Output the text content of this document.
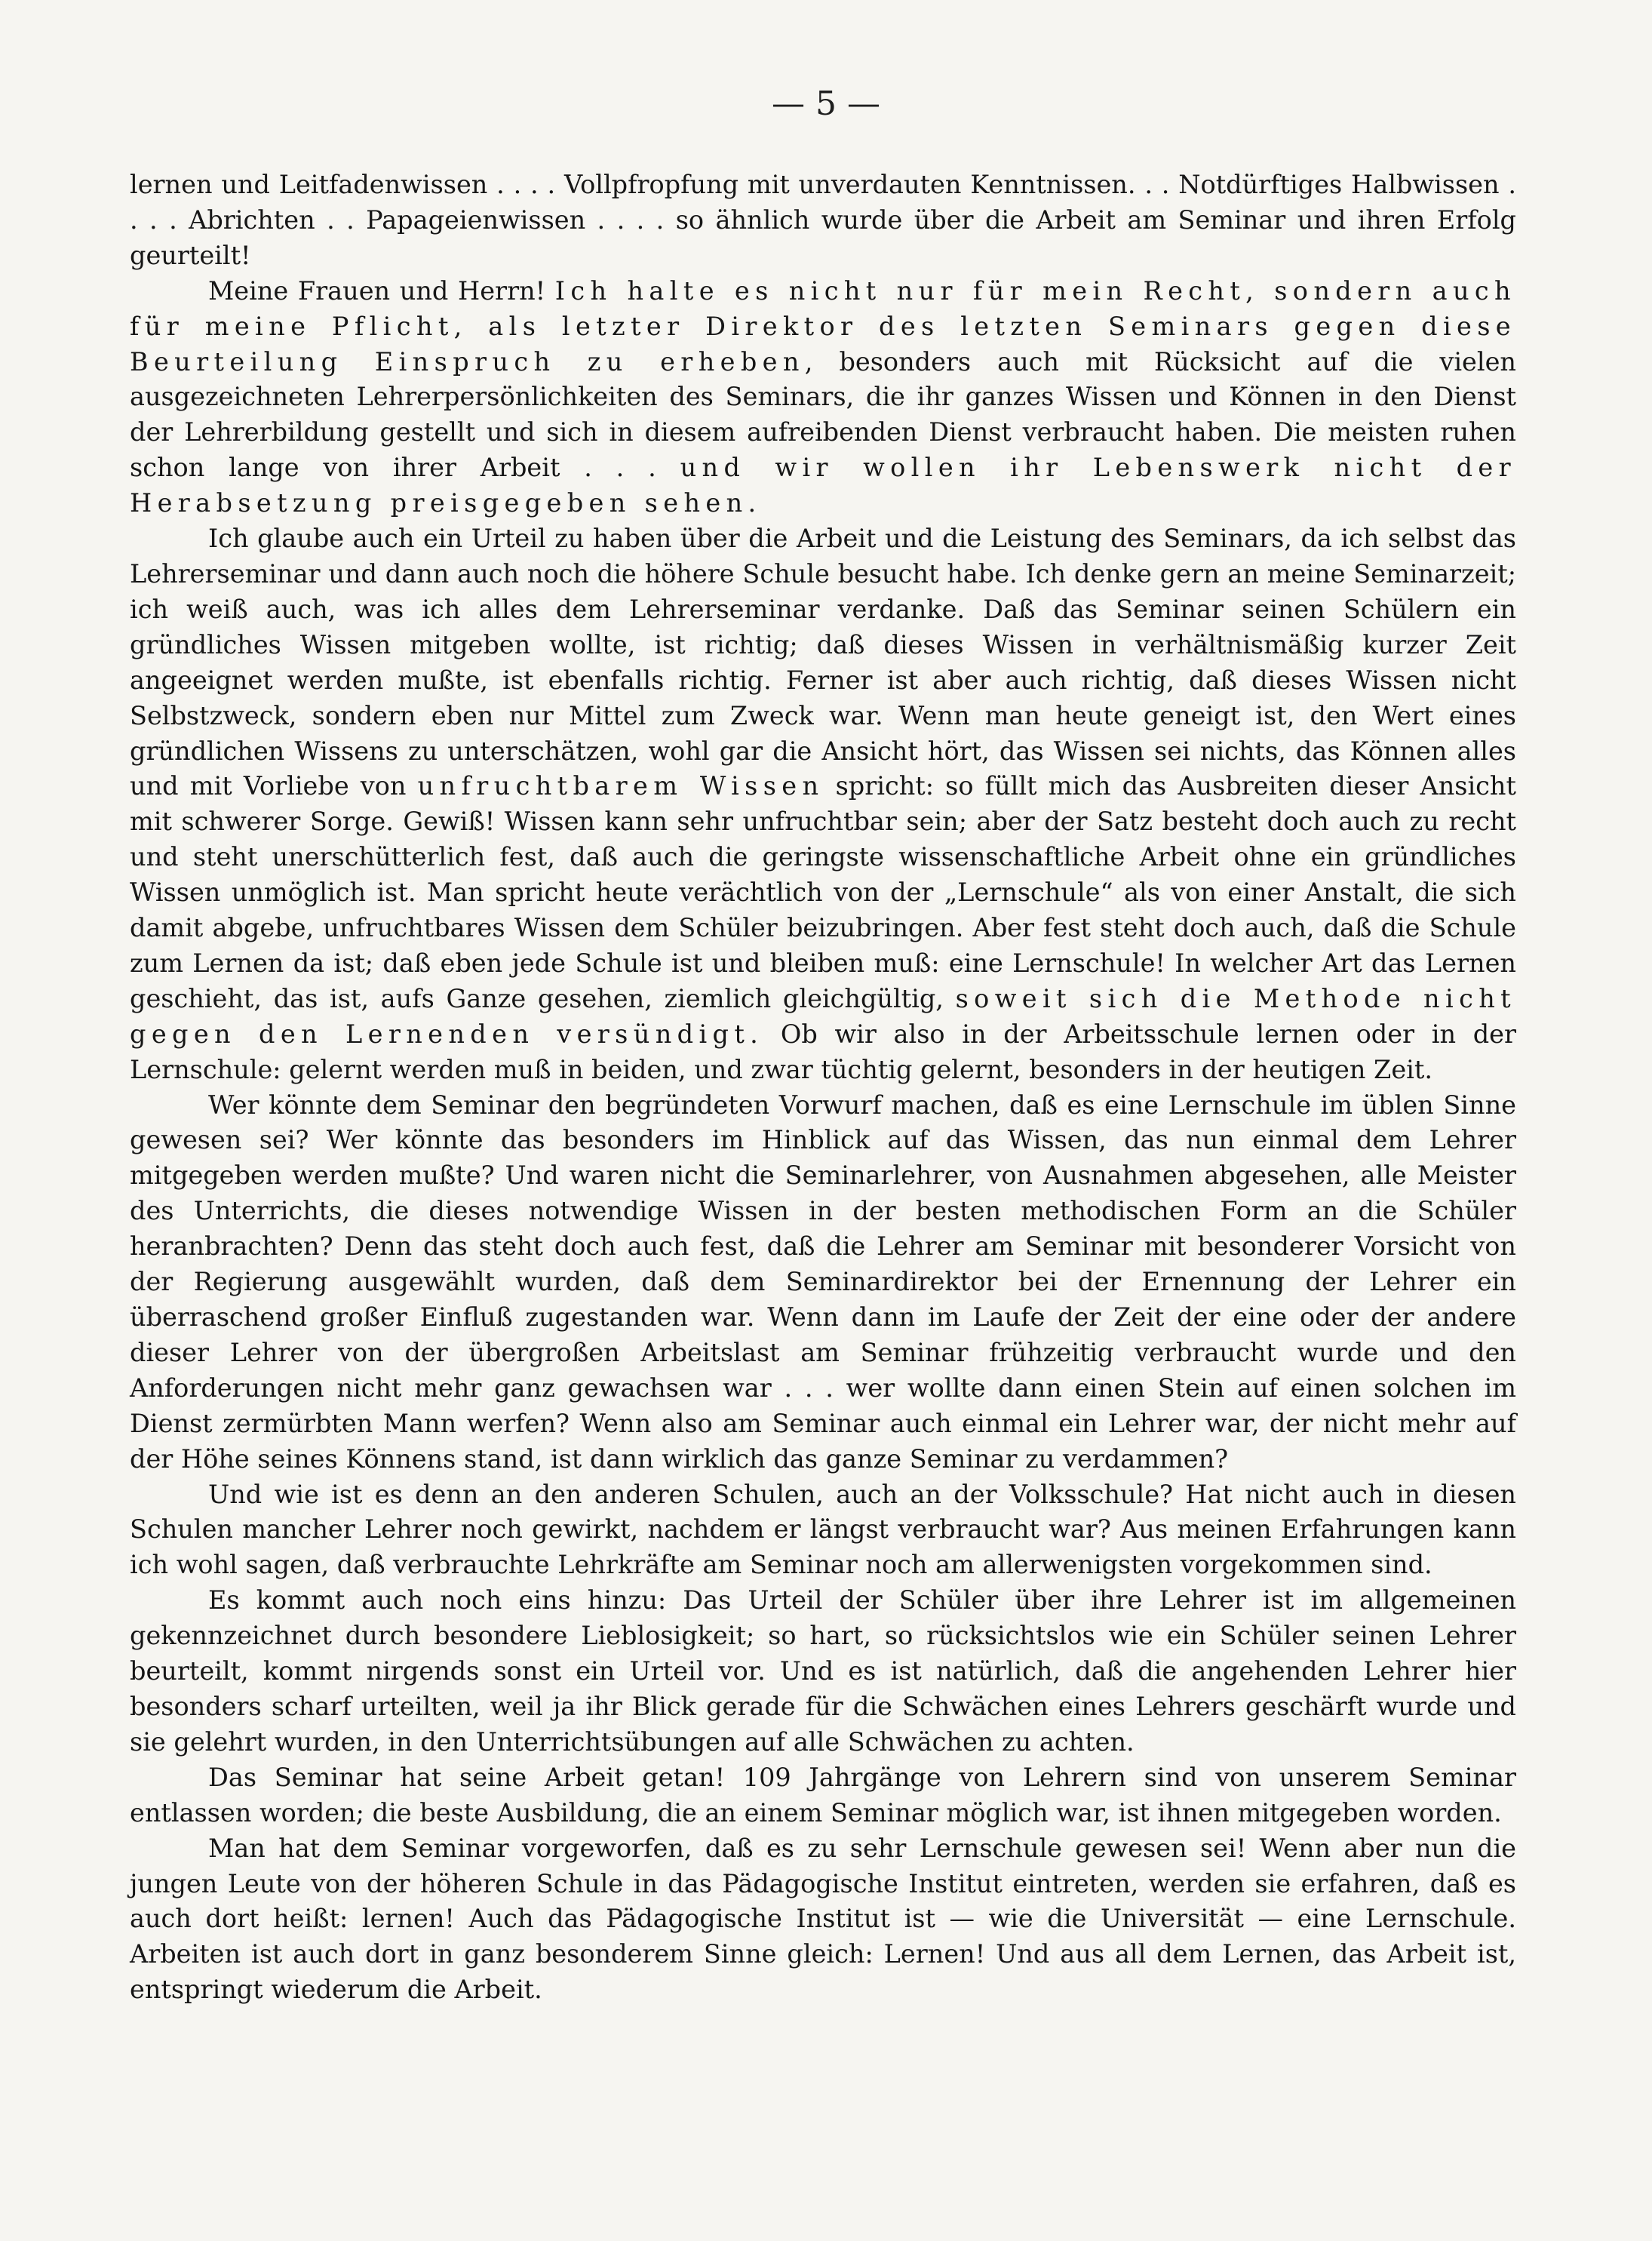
— 5 —

lernen und Leitfadenwissen . . . . Vollpfropfung mit unverdauten Kenntnissen. . . Notdürftiges Halbwissen . . . . Abrichten . . Papageienwissen . . . . so ähnlich wurde über die Arbeit am Seminar und ihren Erfolg geurteilt!

Meine Frauen und Herrn! Ich halte es nicht nur für mein Recht, sondern auch für meine Pflicht, als letzter Direktor des letzten Seminars gegen diese Beurteilung Einspruch zu erheben, besonders auch mit Rücksicht auf die vielen ausgezeichneten Lehrerpersönlichkeiten des Seminars, die ihr ganzes Wissen und Können in den Dienst der Lehrerbildung gestellt und sich in diesem aufreibenden Dienst verbraucht haben. Die meisten ruhen schon lange von ihrer Arbeit . . . und wir wollen ihr Lebenswerk nicht der Herabsetzung preisgegeben sehen.

Ich glaube auch ein Urteil zu haben über die Arbeit und die Leistung des Seminars, da ich selbst das Lehrerseminar und dann auch noch die höhere Schule besucht habe. Ich denke gern an meine Seminarzeit; ich weiß auch, was ich alles dem Lehrerseminar verdanke. Daß das Seminar seinen Schülern ein gründliches Wissen mitgeben wollte, ist richtig; daß dieses Wissen in verhältnismäßig kurzer Zeit angeeignet werden mußte, ist ebenfalls richtig. Ferner ist aber auch richtig, daß dieses Wissen nicht Selbstzweck, sondern eben nur Mittel zum Zweck war. Wenn man heute geneigt ist, den Wert eines gründlichen Wissens zu unterschätzen, wohl gar die Ansicht hört, das Wissen sei nichts, das Können alles und mit Vorliebe von unfruchtbarem Wissen spricht: so füllt mich das Ausbreiten dieser Ansicht mit schwerer Sorge. Gewiß! Wissen kann sehr unfruchtbar sein; aber der Satz besteht doch auch zu recht und steht unerschütterlich fest, daß auch die geringste wissenschaftliche Arbeit ohne ein gründliches Wissen unmöglich ist. Man spricht heute verächtlich von der „Lernschule“ als von einer Anstalt, die sich damit abgebe, unfruchtbares Wissen dem Schüler beizubringen. Aber fest steht doch auch, daß die Schule zum Lernen da ist; daß eben jede Schule ist und bleiben muß: eine Lernschule! In welcher Art das Lernen geschieht, das ist, aufs Ganze gesehen, ziemlich gleichgültig, soweit sich die Methode nicht gegen den Lernenden versündigt. Ob wir also in der Arbeitsschule lernen oder in der Lernschule: gelernt werden muß in beiden, und zwar tüchtig gelernt, besonders in der heutigen Zeit.

Wer könnte dem Seminar den begründeten Vorwurf machen, daß es eine Lernschule im üblen Sinne gewesen sei? Wer könnte das besonders im Hinblick auf das Wissen, das nun einmal dem Lehrer mitgegeben werden mußte? Und waren nicht die Seminarlehrer, von Ausnahmen abgesehen, alle Meister des Unterrichts, die dieses notwendige Wissen in der besten methodischen Form an die Schüler heranbrachten? Denn das steht doch auch fest, daß die Lehrer am Seminar mit besonderer Vorsicht von der Regierung ausgewählt wurden, daß dem Seminardirektor bei der Ernennung der Lehrer ein überraschend großer Einfluß zugestanden war. Wenn dann im Laufe der Zeit der eine oder der andere dieser Lehrer von der übergroßen Arbeitslast am Seminar frühzeitig verbraucht wurde und den Anforderungen nicht mehr ganz gewachsen war . . . wer wollte dann einen Stein auf einen solchen im Dienst zermürbten Mann werfen? Wenn also am Seminar auch einmal ein Lehrer war, der nicht mehr auf der Höhe seines Könnens stand, ist dann wirklich das ganze Seminar zu verdammen?

Und wie ist es denn an den anderen Schulen, auch an der Volksschule? Hat nicht auch in diesen Schulen mancher Lehrer noch gewirkt, nachdem er längst verbraucht war? Aus meinen Erfahrungen kann ich wohl sagen, daß verbrauchte Lehrkräfte am Seminar noch am allerwenigsten vorgekommen sind.

Es kommt auch noch eins hinzu: Das Urteil der Schüler über ihre Lehrer ist im allgemeinen gekennzeichnet durch besondere Lieblosigkeit; so hart, so rücksichtslos wie ein Schüler seinen Lehrer beurteilt, kommt nirgends sonst ein Urteil vor. Und es ist natürlich, daß die angehenden Lehrer hier besonders scharf urteilten, weil ja ihr Blick gerade für die Schwächen eines Lehrers geschärft wurde und sie gelehrt wurden, in den Unterrichtsübungen auf alle Schwächen zu achten.

Das Seminar hat seine Arbeit getan! 109 Jahrgänge von Lehrern sind von unserem Seminar entlassen worden; die beste Ausbildung, die an einem Seminar möglich war, ist ihnen mitgegeben worden.

Man hat dem Seminar vorgeworfen, daß es zu sehr Lernschule gewesen sei! Wenn aber nun die jungen Leute von der höheren Schule in das Pädagogische Institut eintreten, werden sie erfahren, daß es auch dort heißt: lernen! Auch das Pädagogische Institut ist — wie die Universität — eine Lernschule. Arbeiten ist auch dort in ganz besonderem Sinne gleich: Lernen! Und aus all dem Lernen, das Arbeit ist, entspringt wiederum die Arbeit.
